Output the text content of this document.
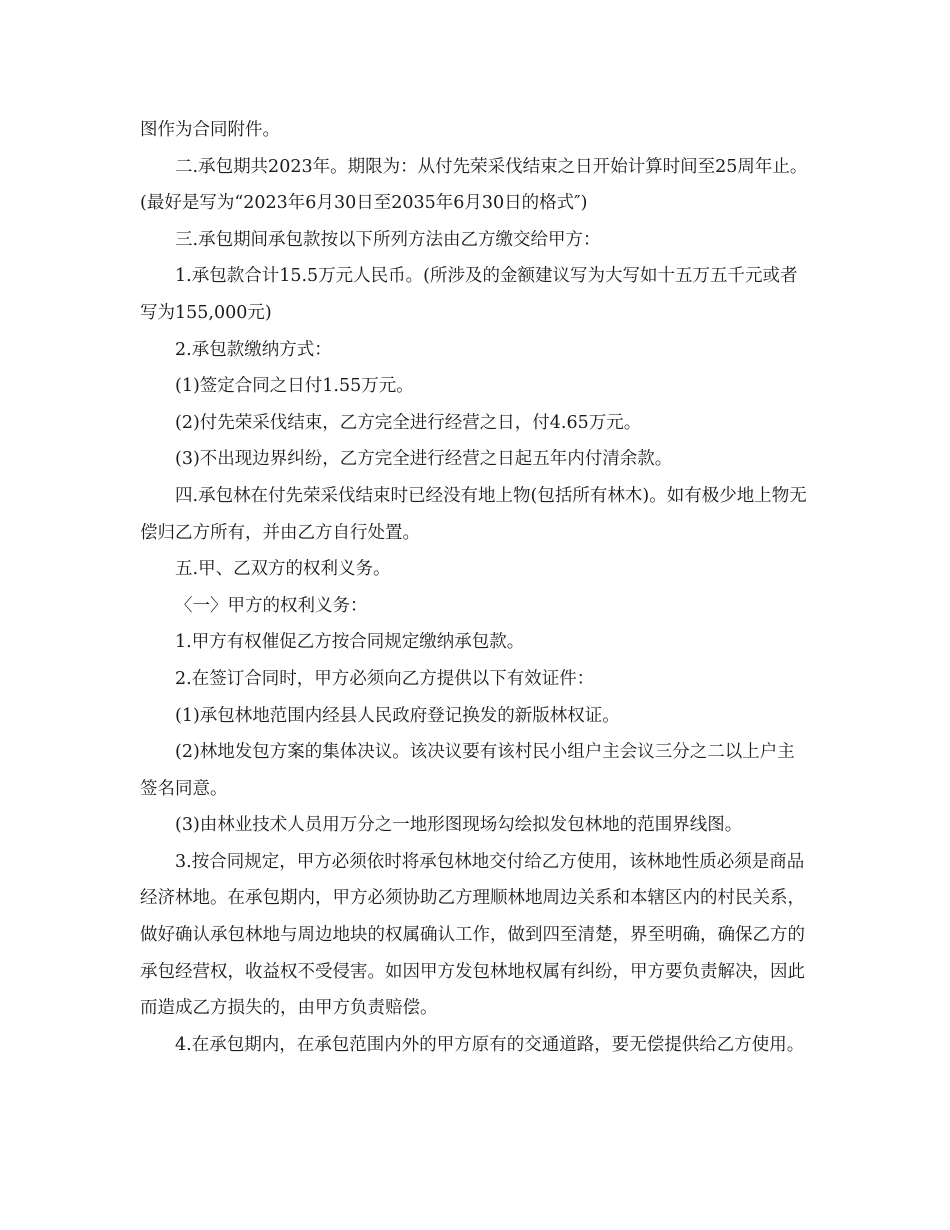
图作为合同附件。

二.承包期共2023年。期限为：从付先荣采伐结束之日开始计算时间至25周年止。(最好是写为“2023年6月30日至2035年6月30日的格式″)

三.承包期间承包款按以下所列方法由乙方缴交给甲方：

1.承包款合计15.5万元人民币。(所涉及的金额建议写为大写如十五万五千元或者写为155,000元)

2.承包款缴纳方式：

(1)签定合同之日付1.55万元。

(2)付先荣采伐结束，乙方完全进行经营之日，付4.65万元。

(3)不出现边界纠纷，乙方完全进行经营之日起五年内付清余款。

四.承包林在付先荣采伐结束时已经没有地上物(包括所有林木)。如有极少地上物无偿归乙方所有，并由乙方自行处置。

五.甲、乙双方的权利义务。

〈一〉甲方的权利义务：

1.甲方有权催促乙方按合同规定缴纳承包款。

2.在签订合同时，甲方必须向乙方提供以下有效证件：

(1)承包林地范围内经县人民政府登记换发的新版林权证。

(2)林地发包方案的集体决议。该决议要有该村民小组户主会议三分之二以上户主签名同意。

(3)由林业技术人员用万分之一地形图现场勾绘拟发包林地的范围界线图。

3.按合同规定，甲方必须依时将承包林地交付给乙方使用，该林地性质必须是商品经济林地。在承包期内，甲方必须协助乙方理顺林地周边关系和本辖区内的村民关系，做好确认承包林地与周边地块的权属确认工作，做到四至清楚，界至明确，确保乙方的承包经营权，收益权不受侵害。如因甲方发包林地权属有纠纷，甲方要负责解决，因此而造成乙方损失的，由甲方负责赔偿。

4.在承包期内，在承包范围内外的甲方原有的交通道路，要无偿提供给乙方使用。
